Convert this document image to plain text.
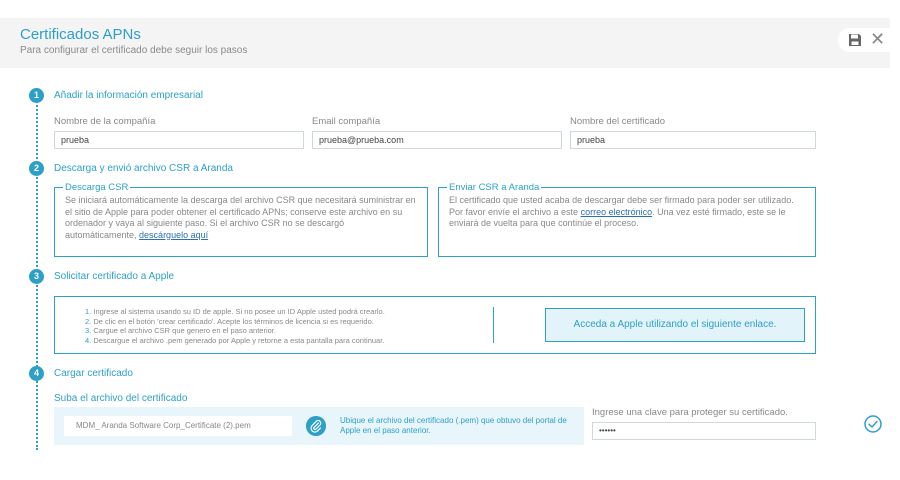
Certificados APNs
Para configurar el certificado debe seguir los pasos
✕
1	Añadir la información empresarial
Nombre de la compañía
prueba
Email compañía
prueba@prueba.com
Nombre del certificado
prueba
2	Descarga y envió archivo CSR a Aranda
Descarga CSR
Se iniciará automáticamente la descarga del archivo CSR que necesitará suministrar en el sitio de Apple para poder obtener el certificado APNs; conserve este archivo en su ordenador y vaya al siguiente paso. Si el archivo CSR no se descargó automáticamente, descárguelo aquí
Enviar CSR a Aranda
El certificado que usted acaba de descargar debe ser firmado para poder ser utilizado.
Por favor envíe el archivo a este correo electrónico. Una vez esté firmado, este se le enviará de vuelta para que continúe el proceso.
3	Solicitar certificado a Apple
1. Ingrese al sistema usando su ID de apple. Si no posee un ID Apple usted podrá crearlo.
2. De clic en el botón 'crear certificado'. Acepte los términos de licencia si es requerido.
3. Cargue el archivo CSR que genero en el paso anterior.
4. Descargue el archivo .pem generado por Apple y retorne a esta pantalla para continuar.
Acceda a Apple utilizando el siguiente enlace.
4	Cargar certificado
Suba el archivo del certificado
MDM_ Aranda Software Corp_Certificate (2).pem
Ubique el archivo del certificado (.pem) que obtuvo del portal de Apple en el paso anterior.
Ingrese una clave para proteger su certificado.
••••••
